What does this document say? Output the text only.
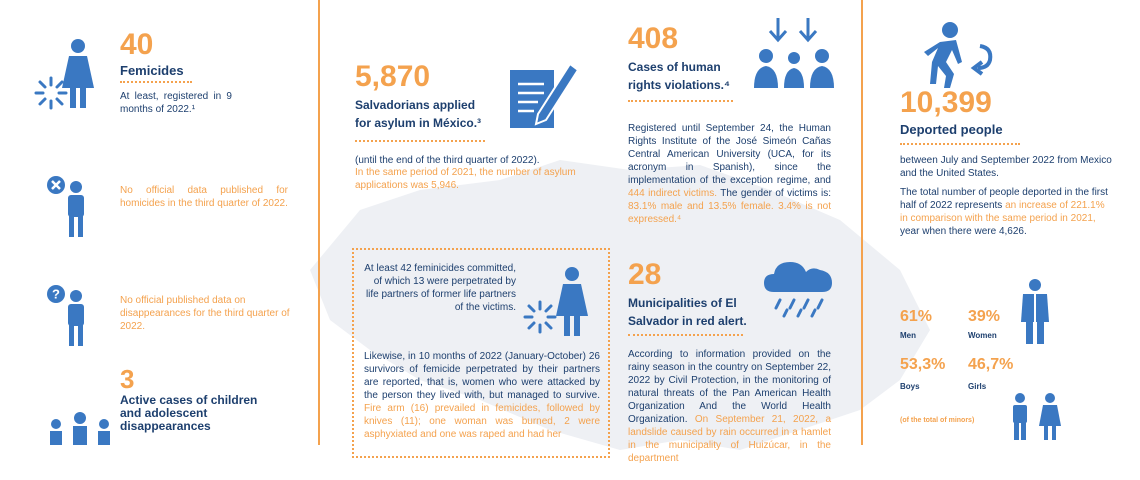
40
Femicides
At least, registered in 9 months of 2022.¹
No official data published for homicides in the third quarter of 2022.
?	No official published data on disappearances for the third quarter of 2022.
3
Active cases of children and adolescent disappearances
5,870
Salvadorians applied for asylum in México.³
(until the end of the third quarter of 2022).
In the same period of 2021, the number of asylum applications was 5,946.
At least 42 feminicides committed, of which 13 were perpetrated by life partners of former life partners of the victims.
Likewise, in 10 months of 2022 (January-October) 26 survivors of femicide perpetrated by their partners are reported, that is, women who were attacked by the person they lived with, but managed to survive. Fire arm (16) prevailed in femicides, followed by knives (11); one woman was burned, 2 were asphyxiated and one was raped and had her
408
Cases of human rights violations.⁴
Registered until September 24, the Human Rights Institute of the José Simeón Cañas Central American University (UCA, for its acronym in Spanish), since the implementation of the exception regime, and 444 indirect victims. The gender of victims is: 83.1% male and 13.5% female. 3.4% is not expressed.⁴
28
Municipalities of El Salvador in red alert.
According to information provided on the rainy season in the country on September 22, 2022 by Civil Protection, in the monitoring of natural threats of the Pan American Health Organization And the World Health Organization. On September 21, 2022, a landslide caused by rain occurred in a hamlet in the municipality of Huizúcar, in the department
10,399
Deported people
between July and September 2022 from Mexico and the United States.
The total number of people deported in the first half of 2022 represents an increase of 221.1% in comparison with the same period in 2021, year when there were 4,626.
61%
Men
39%
Women
53,3%
Boys
46,7%
Girls
(of the total of minors)
